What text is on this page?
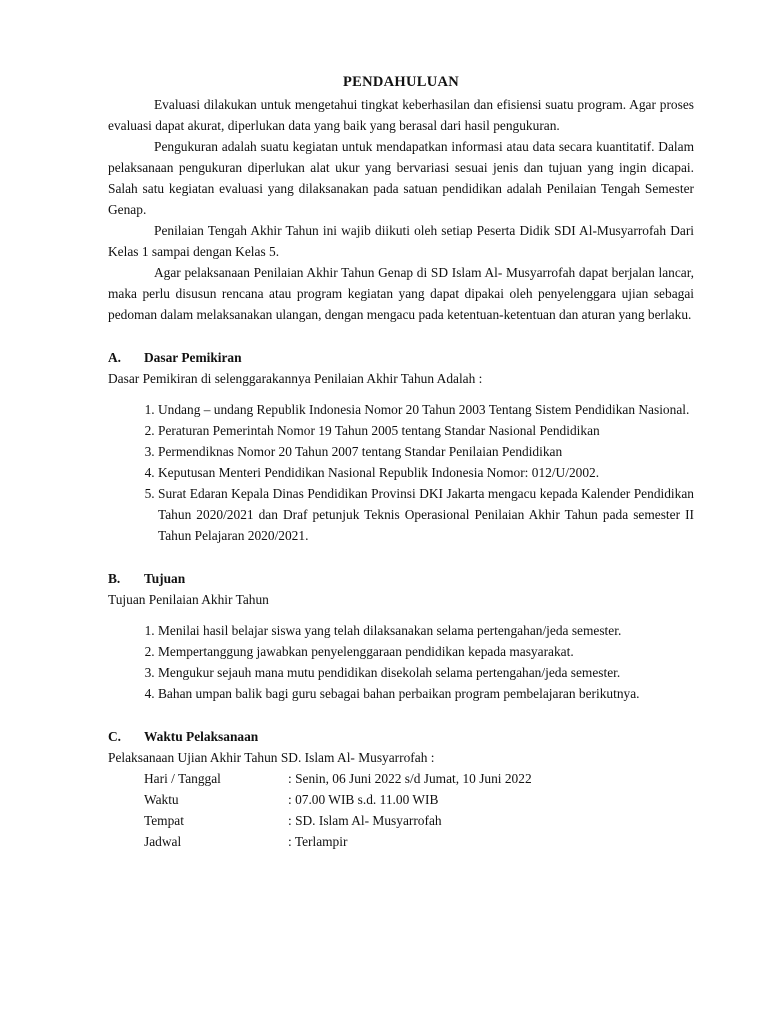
PENDAHULUAN

Evaluasi dilakukan untuk mengetahui tingkat keberhasilan dan efisiensi suatu program. Agar proses evaluasi dapat akurat, diperlukan data yang baik yang berasal dari hasil pengukuran.

Pengukuran adalah suatu kegiatan untuk mendapatkan informasi atau data secara kuantitatif. Dalam pelaksanaan pengukuran diperlukan alat ukur yang bervariasi sesuai jenis dan tujuan yang ingin dicapai. Salah satu kegiatan evaluasi yang dilaksanakan pada satuan pendidikan adalah Penilaian Tengah Semester Genap.

Penilaian Tengah Akhir Tahun ini wajib diikuti oleh setiap Peserta Didik SDI Al-Musyarrofah Dari Kelas 1 sampai dengan Kelas 5.

Agar pelaksanaan Penilaian Akhir Tahun Genap di SD Islam Al- Musyarrofah dapat berjalan lancar, maka perlu disusun rencana atau program kegiatan yang dapat dipakai oleh penyelenggara ujian sebagai pedoman dalam melaksanakan ulangan, dengan mengacu pada ketentuan-ketentuan dan aturan yang berlaku.

A.	Dasar Pemikiran

Dasar Pemikiran di selenggarakannya Penilaian Akhir Tahun Adalah :

1. Undang – undang Republik Indonesia Nomor 20 Tahun 2003 Tentang Sistem Pendidikan Nasional.
2. Peraturan Pemerintah Nomor 19 Tahun 2005 tentang Standar Nasional Pendidikan
3. Permendiknas Nomor 20 Tahun 2007 tentang Standar Penilaian Pendidikan
4. Keputusan Menteri Pendidikan Nasional Republik Indonesia Nomor: 012/U/2002.
5. Surat Edaran Kepala Dinas Pendidikan Provinsi DKI Jakarta mengacu kepada Kalender Pendidikan Tahun 2020/2021 dan Draf petunjuk Teknis Operasional Penilaian Akhir Tahun pada semester II Tahun Pelajaran 2020/2021.
B.	Tujuan

Tujuan Penilaian Akhir Tahun

1. Menilai hasil belajar siswa yang telah dilaksanakan selama pertengahan/jeda semester.
2. Mempertanggung jawabkan penyelenggaraan pendidikan kepada masyarakat.
3. Mengukur sejauh mana mutu pendidikan disekolah selama pertengahan/jeda semester.
4. Bahan umpan balik bagi guru sebagai bahan perbaikan program pembelajaran berikutnya.
C.	Waktu Pelaksanaan

Pelaksanaan Ujian Akhir Tahun SD. Islam Al- Musyarrofah :

Hari / Tanggal	: Senin, 06 Juni 2022 s/d Jumat, 10 Juni 2022
Waktu	: 07.00 WIB s.d. 11.00 WIB
Tempat	: SD. Islam Al- Musyarrofah
Jadwal	: Terlampir
